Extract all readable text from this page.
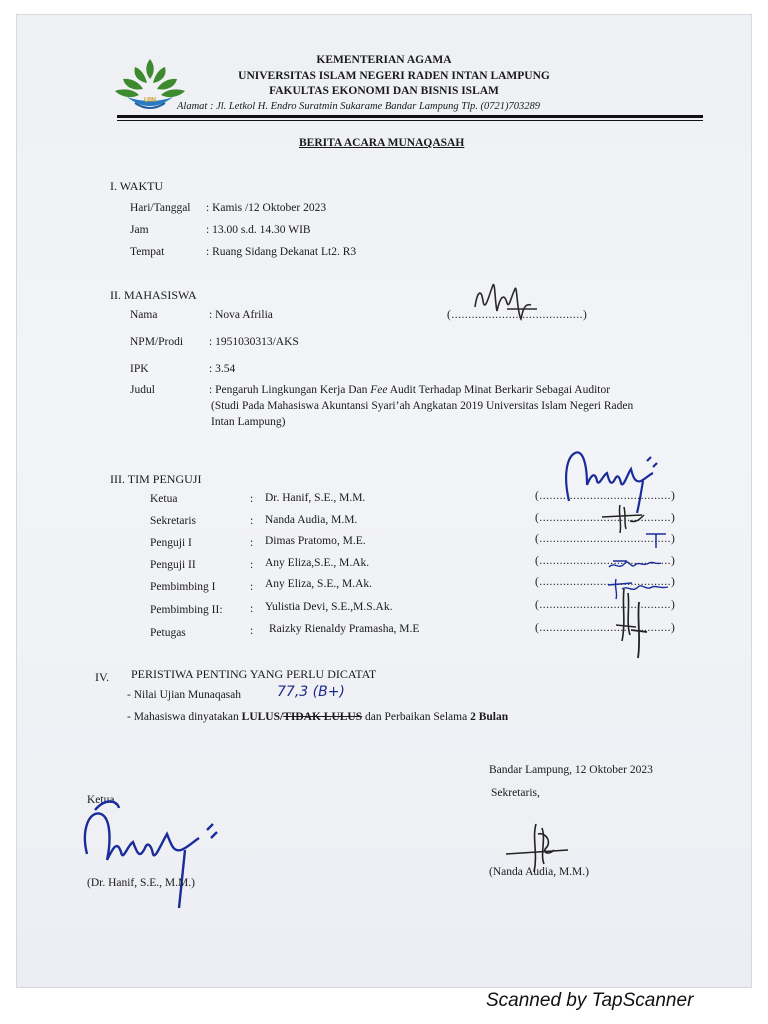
UIN
KEMENTERIAN AGAMA
UNIVERSITAS ISLAM NEGERI RADEN INTAN LAMPUNG
FAKULTAS EKONOMI DAN BISNIS ISLAM
Alamat : Jl. Letkol H. Endro Suratmin Sukarame Bandar Lampung Tlp. (0721)703289
BERITA ACARA MUNAQASAH
I. WAKTU
Hari/Tanggal : Kamis /12 Oktober 2023
Jam	: 13.00 s.d. 14.30 WIB
Tempat	: Ruang Sidang Dekanat Lt2. R3
II. MAHASISWA
Nama	: Nova Afrilia	(.......................................)
NPM/Prodi : 1951030313/AKS
IPK	: 3.54
Judul	: Pengaruh Lingkungan Kerja Dan Fee Audit Terhadap Minat Berkarir Sebagai Auditor
(Studi Pada Mahasiswa Akuntansi Syari’ah Angkatan 2019 Universitas Islam Negeri Raden
Intan Lampung)
III. TIM PENGUJI
Ketua	: Dr. Hanif, S.E., M.M.	(.......................................)
Sekretaris	: Nanda Audia, M.M.	(.......................................)
Penguji I	: Dimas Pratomo, M.E.	(.......................................)
Penguji II	: Any Eliza,S.E., M.Ak.	(.......................................)
Pembimbing I	: Any Eliza, S.E., M.Ak.	(.......................................)
Pembimbing II: : Yulistia Devi, S.E.,M.S.Ak.	(.......................................)
Petugas	: Raizky Rienaldy Pramasha, M.E	(.......................................)
IV. PERISTIWA PENTING YANG PERLU DICATAT
- Nilai Ujian Munaqasah	77,3 (B+)
- Mahasiswa dinyatakan LULUS/TIDAK LULUS dan Perbaikan Selama 2 Bulan
Bandar Lampung, 12 Oktober 2023
Sekretaris,
(Nanda Audia, M.M.)
Ketua,
(Dr. Hanif, S.E., M.M.)
Scanned by TapScanner
